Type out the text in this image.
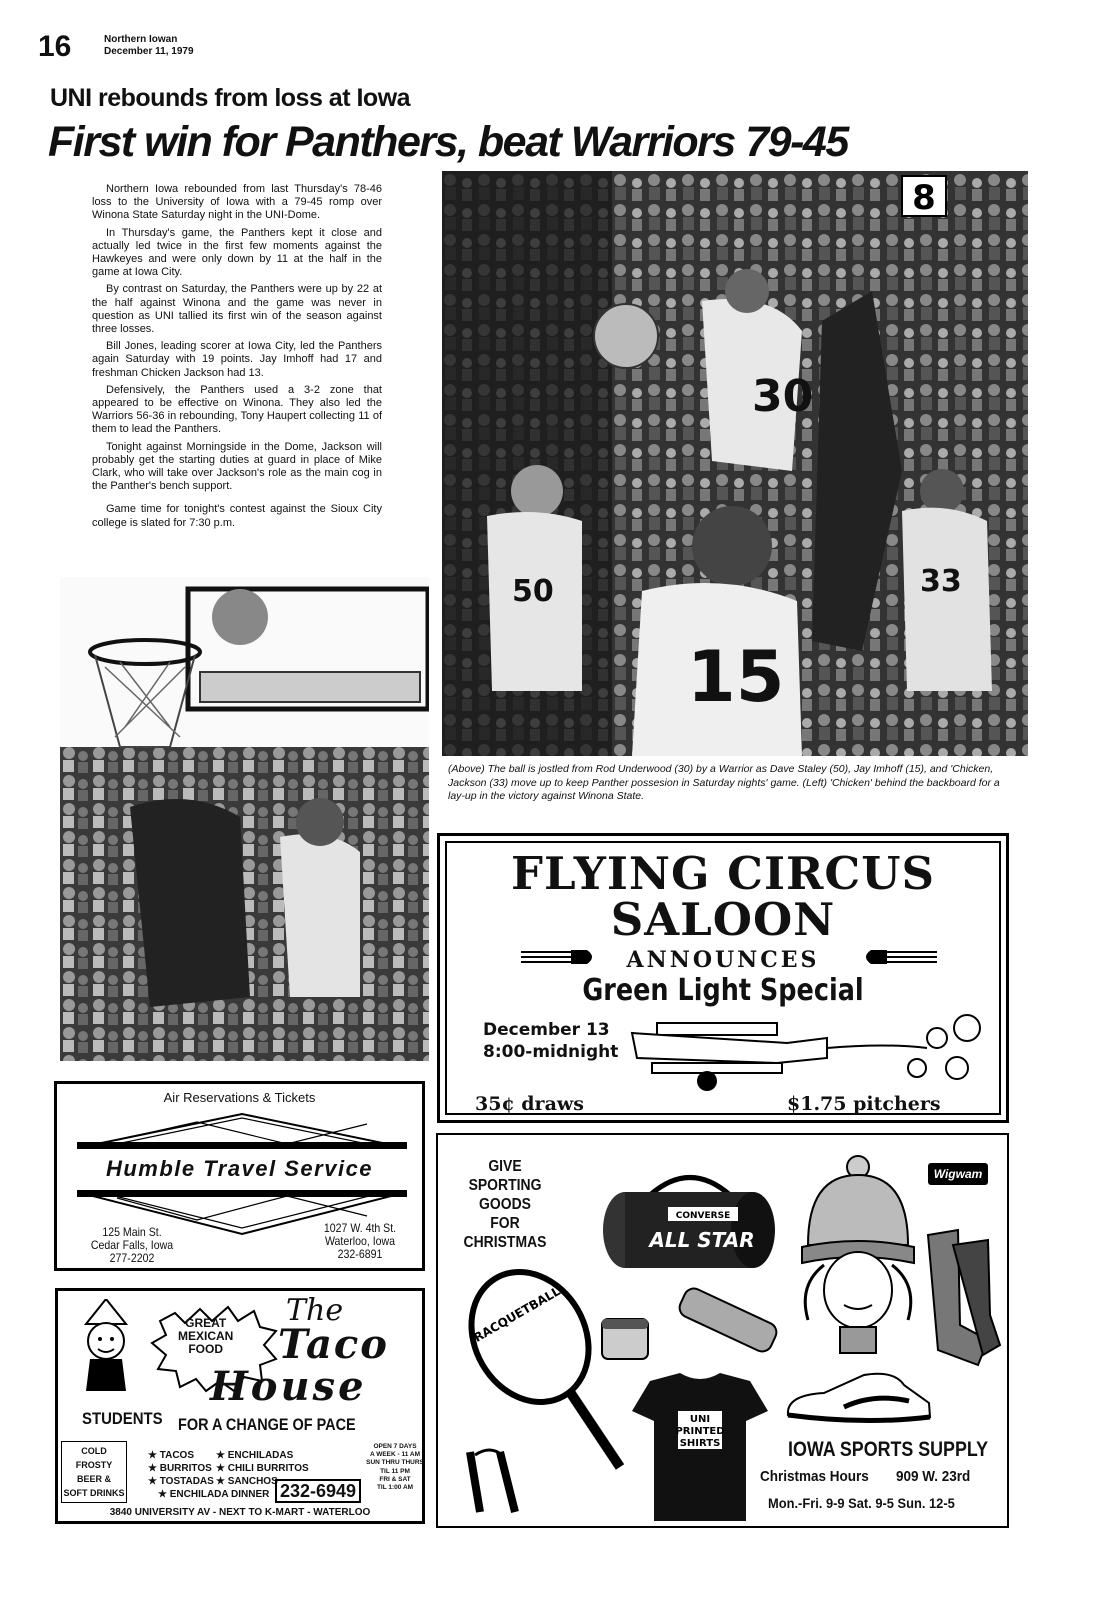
16	Northern Iowan
December 11, 1979
UNI rebounds from loss at Iowa
First win for Panthers, beat Warriors 79-45

Northern Iowa rebounded from last Thursday's 78-46 loss to the University of Iowa with a 79-45 romp over Winona State Saturday night in the UNI-Dome.

In Thursday's game, the Panthers kept it close and actually led twice in the first few moments against the Hawkeyes and were only down by 11 at the half in the game at Iowa City.

By contrast on Saturday, the Panthers were up by 22 at the half against Winona and the game was never in question as UNI tallied its first win of the season against three losses.

Bill Jones, leading scorer at Iowa City, led the Panthers again Saturday with 19 points. Jay Imhoff had 17 and freshman Chicken Jackson had 13.

Defensively, the Panthers used a 3-2 zone that appeared to be effective on Winona. They also led the Warriors 56-36 in rebounding, Tony Haupert collecting 11 of them to lead the Panthers.

Tonight against Morningside in the Dome, Jackson will probably get the starting duties at guard in place of Mike Clark, who will take over Jackson's role as the main cog in the Panther's bench support.

Game time for tonight's contest against the Sioux City college is slated for 7:30 p.m.

8
30
50
15
33
(Above) The ball is jostled from Rod Underwood (30) by a Warrior as Dave Staley (50), Jay Imhoff (15), and 'Chicken, Jackson (33) move up to keep Panther possesion in Saturday nights' game. (Left) 'Chicken' behind the backboard for a lay-up in the victory against Winona State.
FLYING CIRCUS
SALOON
ANNOUNCES
Green Light Special
December 13
8:00-midnight
35¢ draws	$1.75 pitchers
Air Reservations & Tickets
Humble Travel Service
125 Main St.
Cedar Falls, Iowa
277-2202
1027 W. 4th St.
Waterloo, Iowa
232-6891
GREAT
MEXICAN
FOOD
The
Taco
House
STUDENTS FOR A CHANGE OF PACE
COLD
FROSTY
BEER &
SOFT DRINKS
★ TACOS
★ BURRITOS
★ TOSTADAS
★ ENCHILADA DINNER
★ ENCHILADAS
★ CHILI BURRITOS
★ SANCHOS 232-6949
OPEN 7 DAYS
A WEEK - 11 AM
SUN THRU THURS
TIL 11 PM
FRI & SAT
TIL 1:00 AM
3840 UNIVERSITY AV - NEXT TO K-MART - WATERLOO
GIVE
SPORTING GOODS
FOR
CHRISTMAS
CONVERSE
ALL STAR
RACQUETBALL
UNI
PRINTED
SHIRTS
Wigwam
IOWA SPORTS SUPPLY
Christmas Hours 909 W. 23rd
Mon.-Fri. 9-9 Sat. 9-5 Sun. 12-5
